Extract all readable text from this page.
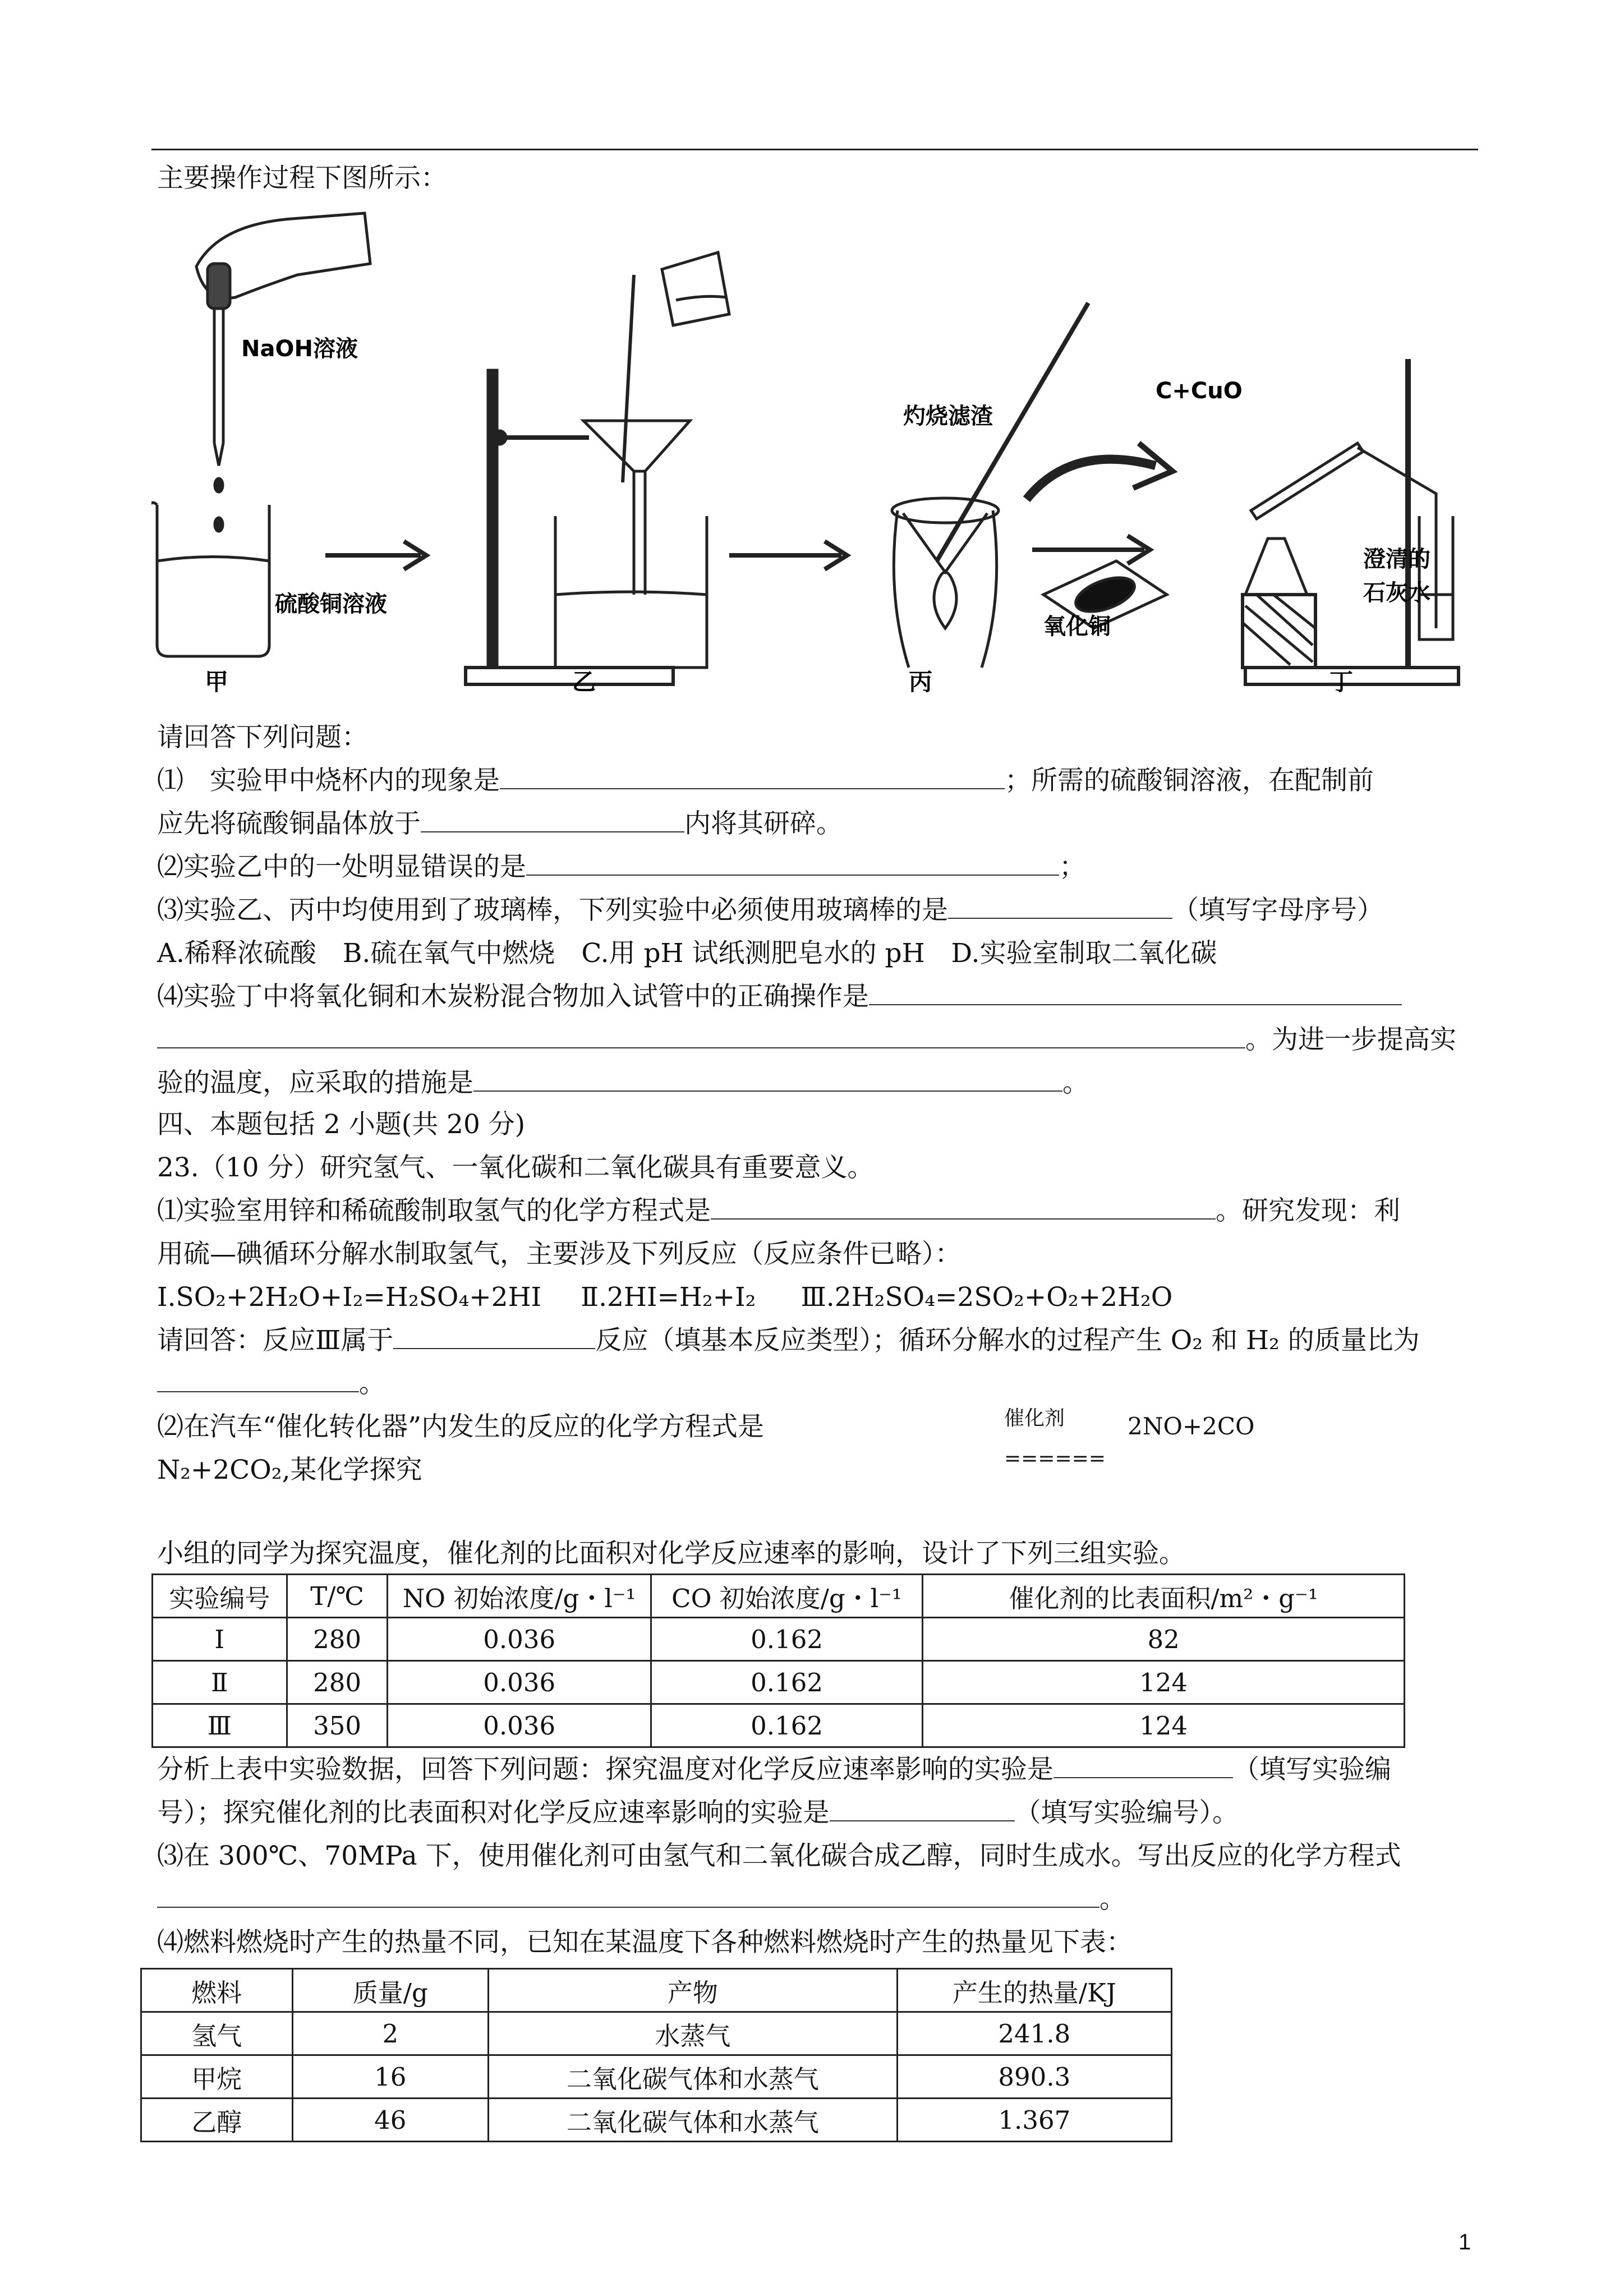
主要操作过程下图所示：
NaOH溶液
硫酸铜溶液
灼烧滤渣
氧化铜
C+CuO
澄清的
石灰水
甲	乙	丙	丁
请回答下列问题：
⑴　实验甲中烧杯内的现象是	；所需的硫酸铜溶液，在配制前
应先将硫酸铜晶体放于	内将其研碎。
⑵实验乙中的一处明显错误的是	；
⑶实验乙、丙中均使用到了玻璃棒，下列实验中必须使用玻璃棒的是	（填写字母序号）
A.稀释浓硫酸　B.硫在氧气中燃烧　C.用 pH 试纸测肥皂水的 pH　D.实验室制取二氧化碳
⑷实验丁中将氧化铜和木炭粉混合物加入试管中的正确操作是
。为进一步提高实
验的温度，应采取的措施是	。
四、本题包括 2 小题(共 20 分)
23.（10 分）研究氢气、一氧化碳和二氧化碳具有重要意义。
⑴实验室用锌和稀硫酸制取氢气的化学方程式是	。研究发现：利
用硫—碘循环分解水制取氢气，主要涉及下列反应（反应条件已略）：
Ⅰ.SO₂+2H₂O+I₂=H₂SO₄+2HI Ⅱ.2HI=H₂+I₂ Ⅲ.2H₂SO₄=2SO₂+O₂+2H₂O
请回答：反应Ⅲ属于	反应（填基本反应类型）；循环分解水的过程产生 O₂ 和 H₂ 的质量比为
。
⑵在汽车“催化转化器”内发生的反应的化学方程式是	催化剂	2NO+2CO
======
N₂+2CO₂,某化学探究
小组的同学为探究温度，催化剂的比面积对化学反应速率的影响，设计了下列三组实验。
实验编号	T/℃	NO 初始浓度/g・l⁻¹	CO 初始浓度/g・l⁻¹	催化剂的比表面积/m²・g⁻¹
Ⅰ	280	0.036	0.162	82
Ⅱ	280	0.036	0.162	124
Ⅲ	350	0.036	0.162	124
分析上表中实验数据，回答下列问题：探究温度对化学反应速率影响的实验是	（填写实验编
号）；探究催化剂的比表面积对化学反应速率影响的实验是	（填写实验编号）。
⑶在 300℃、70MPa 下，使用催化剂可由氢气和二氧化碳合成乙醇，同时生成水。写出反应的化学方程式
。
⑷燃料燃烧时产生的热量不同，已知在某温度下各种燃料燃烧时产生的热量见下表：
燃料	质量/g	产物	产生的热量/KJ
氢气	2	水蒸气	241.8
甲烷	16	二氧化碳气体和水蒸气	890.3
乙醇	46	二氧化碳气体和水蒸气	1.367
1
